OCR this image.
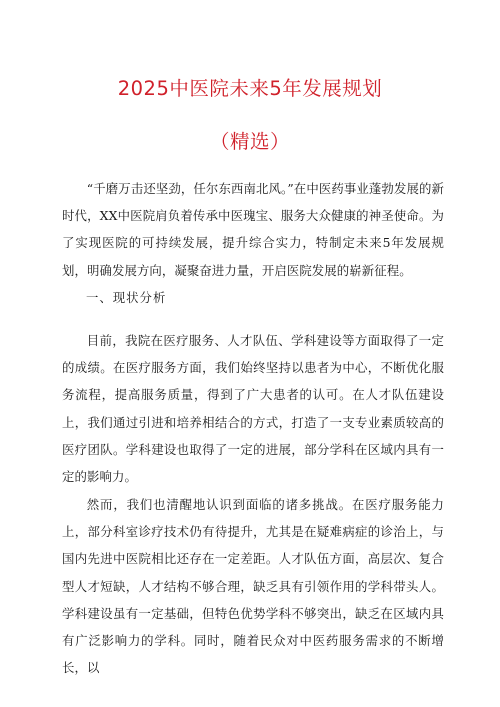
2025中医院未来5年发展规划
（精选）

“千磨万击还坚劲，任尔东西南北风。”在中医药事业蓬勃发展的新时代，XX中医院肩负着传承中医瑰宝、服务大众健康的神圣使命。为了实现医院的可持续发展，提升综合实力，特制定未来5年发展规划，明确发展方向，凝聚奋进力量，开启医院发展的崭新征程。

一、现状分析

目前，我院在医疗服务、人才队伍、学科建设等方面取得了一定的成绩。在医疗服务方面，我们始终坚持以患者为中心，不断优化服务流程，提高服务质量，得到了广大患者的认可。在人才队伍建设上，我们通过引进和培养相结合的方式，打造了一支专业素质较高的医疗团队。学科建设也取得了一定的进展，部分学科在区域内具有一定的影响力。

然而，我们也清醒地认识到面临的诸多挑战。在医疗服务能力上，部分科室诊疗技术仍有待提升，尤其是在疑难病症的诊治上，与国内先进中医院相比还存在一定差距。人才队伍方面，高层次、复合型人才短缺，人才结构不够合理，缺乏具有引领作用的学科带头人。学科建设虽有一定基础，但特色优势学科不够突出，缺乏在区域内具有广泛影响力的学科。同时，随着民众对中医药服务需求的不断增长，以
